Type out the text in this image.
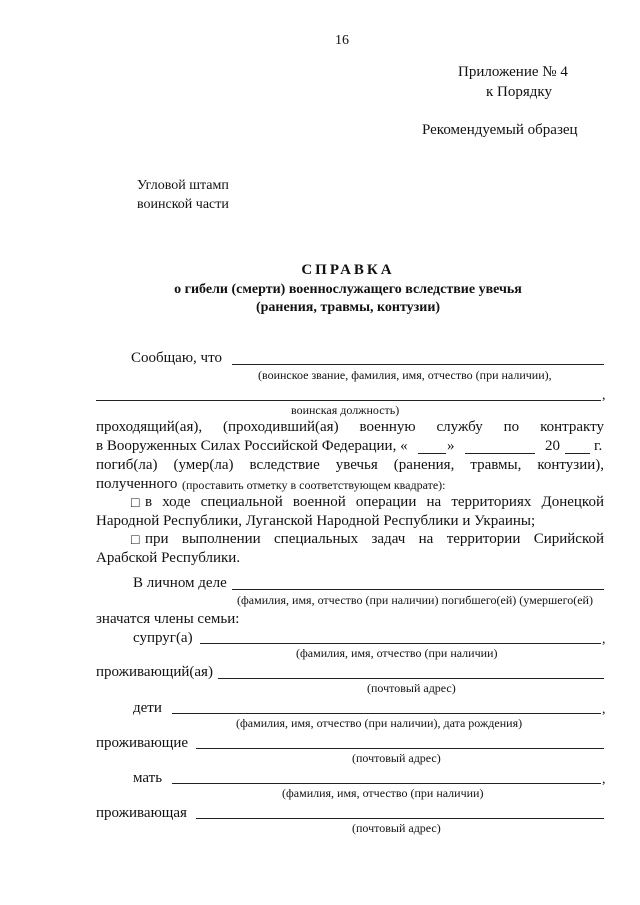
16
Приложение № 4
к Порядку
Рекомендуемый образец
Угловой штамп
воинской части
СПРАВКА
о гибели (смерти) военнослужащего вследствие увечья
(ранения, травмы, контузии)
Сообщаю, что
(воинское звание, фамилия, имя, отчество (при наличии),
,
воинская должность)
проходящий(ая), (проходивший(ая) военную службу по контракту
в Вооруженных Силах Российской Федерации, «	»	20 г.
погиб(ла) (умер(ла) вследствие увечья (ранения, травмы, контузии),
полученного (проставить отметку в соответствующем квадрате):
□ в ходе специальной военной операции на территориях Донецкой
Народной Республики, Луганской Народной Республики и Украины;
□ при выполнении специальных задач на территории Сирийской
Арабской Республики.
В личном деле
(фамилия, имя, отчество (при наличии) погибшего(ей) (умершего(ей)
значатся члены семьи:
супруг(а)	,
(фамилия, имя, отчество (при наличии)
проживающий(ая)
(почтовый адрес)
дети	,
(фамилия, имя, отчество (при наличии), дата рождения)
проживающие
(почтовый адрес)
мать	,
(фамилия, имя, отчество (при наличии)
проживающая
(почтовый адрес)
